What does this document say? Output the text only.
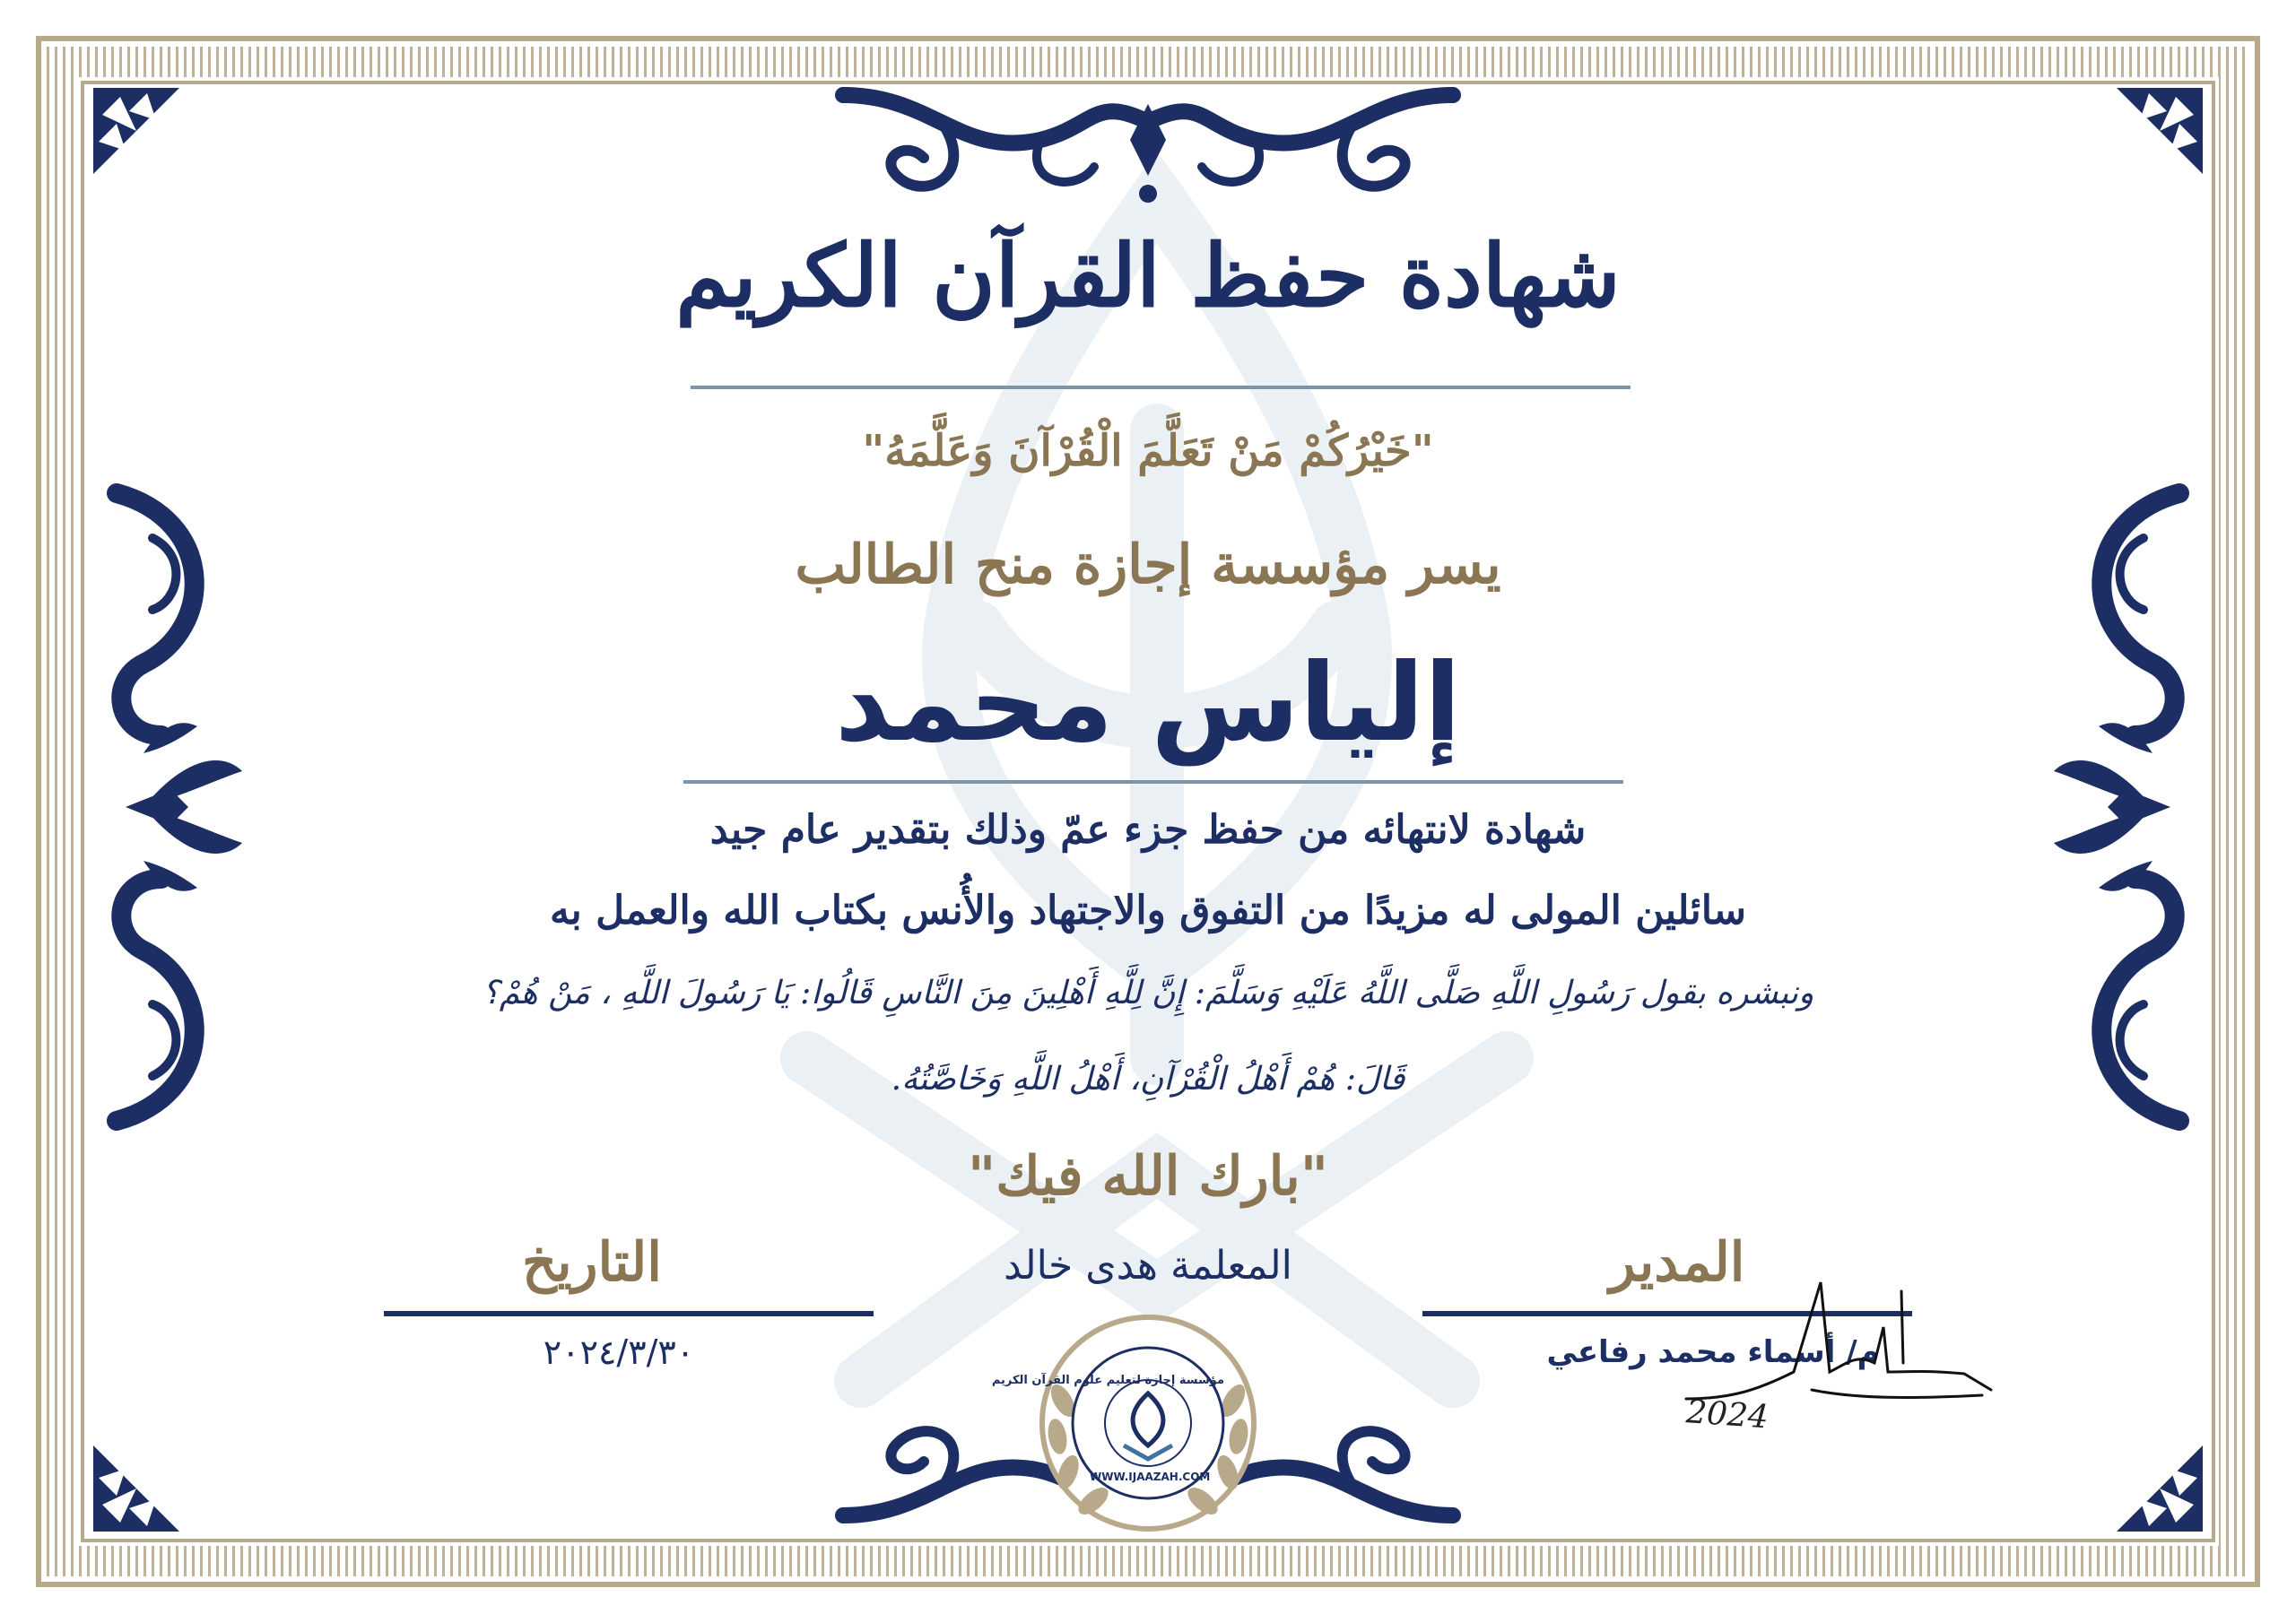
شهادة حفظ القرآن الكريم
"خَيْرُكُمْ مَنْ تَعَلَّمَ الْقُرْآنَ وَعَلَّمَهُ"
يسر مؤسسة إجازة منح الطالب
إلياس محمد
شهادة لانتهائه من حفظ جزء عمّ وذلك بتقدير عام جيد
سائلين المولى له مزيدًا من التفوق والاجتهاد والأُنس بكتاب الله والعمل به
ونبشره بقول رَسُولِ اللَّهِ صَلَّى اللَّهُ عَلَيْهِ وَسَلَّمَ: إِنَّ لِلَّهِ أَهْلِينَ مِنَ النَّاسِ قَالُوا: يَا رَسُولَ اللَّهِ ، مَنْ هُمْ؟
قَالَ: هُمْ أَهْلُ الْقُرْآنِ، أَهْلُ اللَّهِ وَخَاصَّتُهُ.
"بارك الله فيك"
التاريخ
٢٠٢٤/٣/٣٠
المعلمة هدى خالد	المدير
م/ أسماء محمد رفاعي
2024
مؤسسة إجازة لتعليم علوم القرآن الكريم
WWW.IJAAZAH.COM
